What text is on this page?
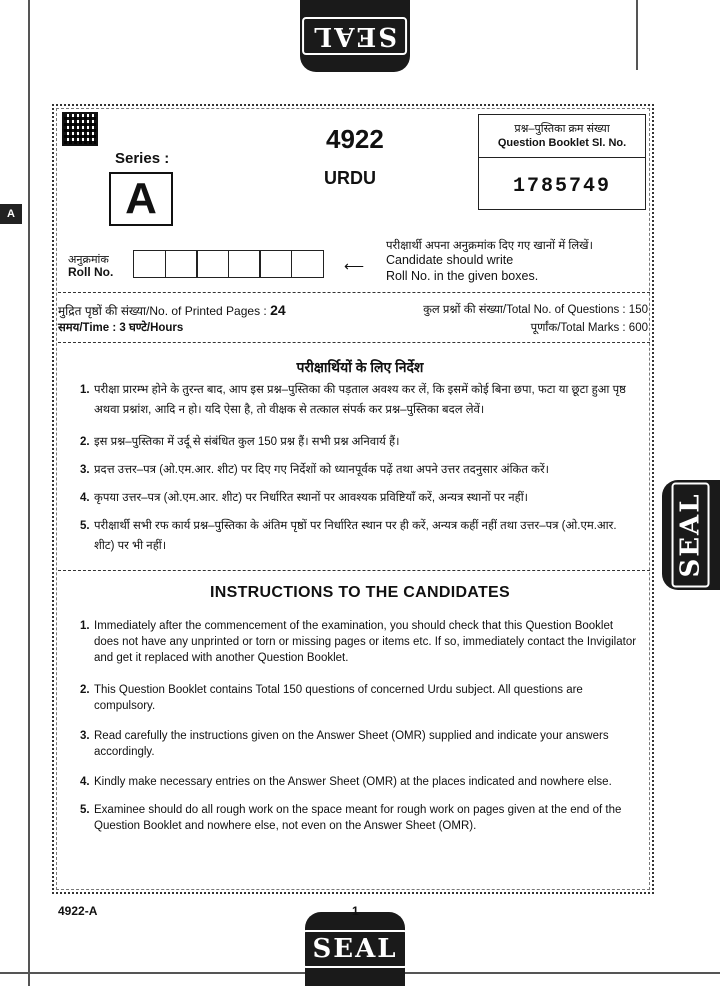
A
SEAL
SEAL
SEAL
Series :
A
4922
URDU
प्रश्न–पुस्तिका क्रम संख्या
Question Booklet Sl. No.
1785749
अनुक्रमांक
Roll No.	⟵
परीक्षार्थी अपना अनुक्रमांक दिए गए खानों में लिखें।
Candidate should write
Roll No. in the given boxes.
मुद्रित पृष्ठों की संख्या/No. of Printed Pages : 24
समय/Time : 3 घण्टे/Hours
कुल प्रश्नों की संख्या/Total No. of Questions : 150
पूर्णांक/Total Marks : 600
परीक्षार्थियों के लिए निर्देश
1. परीक्षा प्रारम्भ होने के तुरन्त बाद, आप इस प्रश्न–पुस्तिका की पड़ताल अवश्य कर लें, कि इसमें कोई बिना छपा, फटा या छूटा हुआ पृष्ठ अथवा प्रश्नांश, आदि न हो। यदि ऐसा है, तो वीक्षक से तत्काल संपर्क कर प्रश्न–पुस्तिका बदल लेवें।
2. इस प्रश्न–पुस्तिका में उर्दू से संबंधित कुल 150 प्रश्न हैं। सभी प्रश्न अनिवार्य हैं।
3. प्रदत्त उत्तर–पत्र (ओ.एम.आर. शीट) पर दिए गए निर्देशों को ध्यानपूर्वक पढ़ें तथा अपने उत्तर तदनुसार अंकित करें।
4. कृपया उत्तर–पत्र (ओ.एम.आर. शीट) पर निर्धारित स्थानों पर आवश्यक प्रविष्टियाँ करें, अन्यत्र स्थानों पर नहीं।
5. परीक्षार्थी सभी रफ कार्य प्रश्न–पुस्तिका के अंतिम पृष्ठों पर निर्धारित स्थान पर ही करें, अन्यत्र कहीं नहीं तथा उत्तर–पत्र (ओ.एम.आर. शीट) पर भी नहीं।
INSTRUCTIONS TO THE CANDIDATES
1. Immediately after the commencement of the examination, you should check that this Question Booklet does not have any unprinted or torn or missing pages or items etc. If so, immediately contact the Invigilator and get it replaced with another Question Booklet.
2. This Question Booklet contains Total 150 questions of concerned Urdu subject. All questions are compulsory.
3. Read carefully the instructions given on the Answer Sheet (OMR) supplied and indicate your answers accordingly.
4. Kindly make necessary entries on the Answer Sheet (OMR) at the places indicated and nowhere else.
5. Examinee should do all rough work on the space meant for rough work on pages given at the end of the Question Booklet and nowhere else, not even on the Answer Sheet (OMR).
4922-A	1
